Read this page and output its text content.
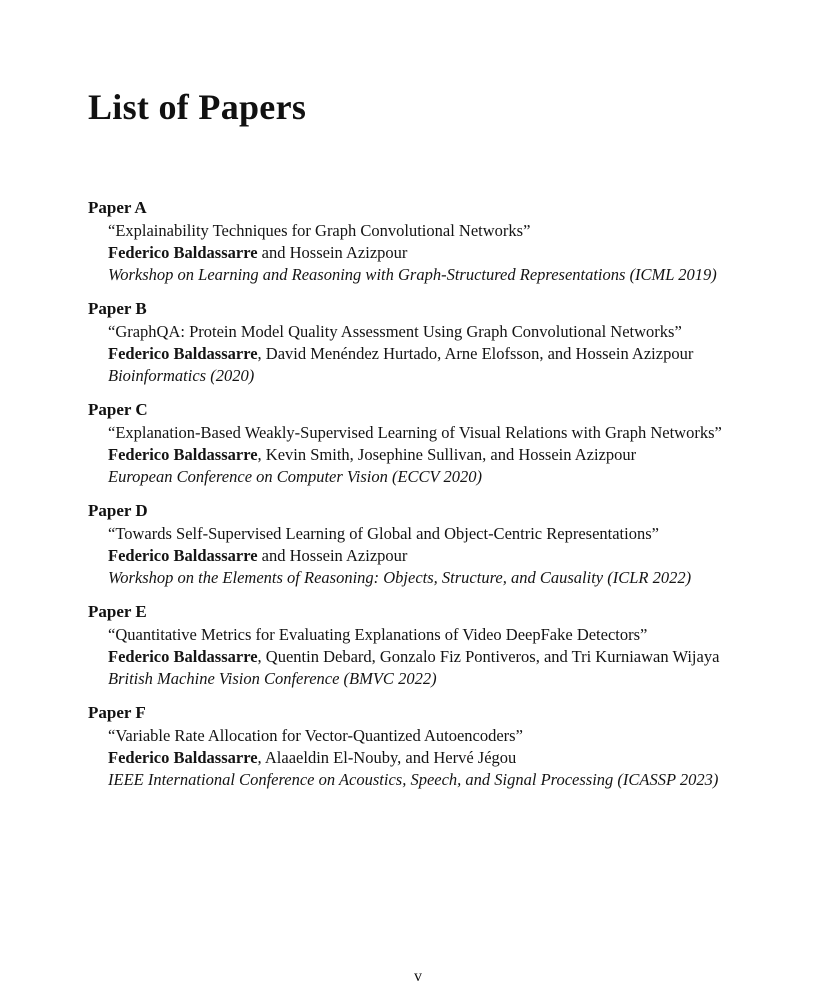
List of Papers
Paper A

“Explainability Techniques for Graph Convolutional Networks”

Federico Baldassarre and Hossein Azizpour

Workshop on Learning and Reasoning with Graph-Structured Representations (ICML 2019)

Paper B

“GraphQA: Protein Model Quality Assessment Using Graph Convolutional Networks”

Federico Baldassarre, David Menéndez Hurtado, Arne Elofsson, and Hossein Azizpour

Bioinformatics (2020)

Paper C

“Explanation-Based Weakly-Supervised Learning of Visual Relations with Graph Networks”

Federico Baldassarre, Kevin Smith, Josephine Sullivan, and Hossein Azizpour

European Conference on Computer Vision (ECCV 2020)

Paper D

“Towards Self-Supervised Learning of Global and Object-Centric Representations”

Federico Baldassarre and Hossein Azizpour

Workshop on the Elements of Reasoning: Objects, Structure, and Causality (ICLR 2022)

Paper E

“Quantitative Metrics for Evaluating Explanations of Video DeepFake Detectors”

Federico Baldassarre, Quentin Debard, Gonzalo Fiz Pontiveros, and Tri Kurniawan Wijaya

British Machine Vision Conference (BMVC 2022)

Paper F

“Variable Rate Allocation for Vector-Quantized Autoencoders”

Federico Baldassarre, Alaaeldin El-Nouby, and Hervé Jégou

IEEE International Conference on Acoustics, Speech, and Signal Processing (ICASSP 2023)

v
